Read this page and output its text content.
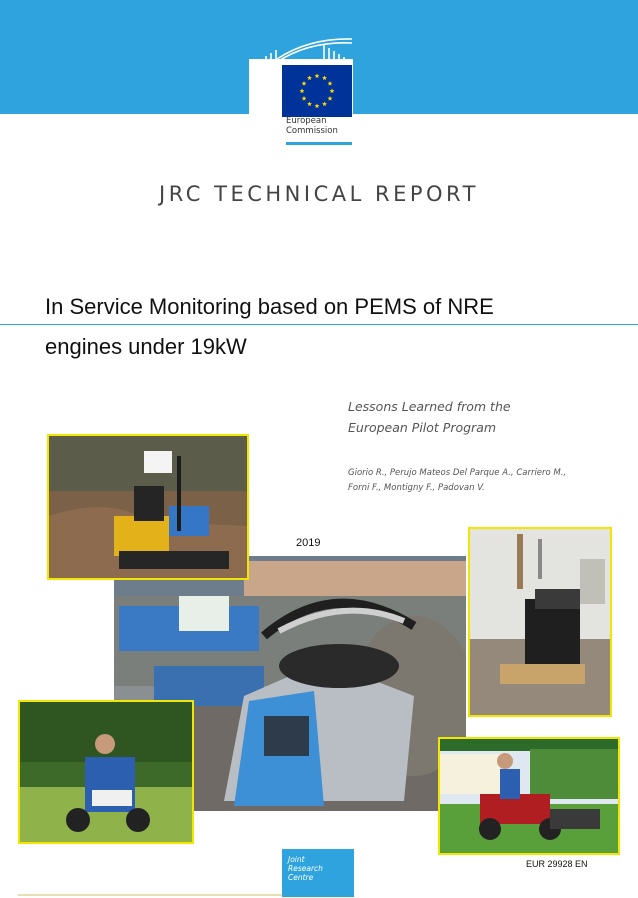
European
Commission
JRC TECHNICAL REPORT
In Service Monitoring based on PEMS of NRE
engines under 19kW
Lessons Learned from the
European Pilot Program
Giorio R., Perujo Mateos Del Parque A., Carriero M.,
Forni F., Montigny F., Padovan V.
2019
Joint
Research
Centre
EUR 29928 EN
